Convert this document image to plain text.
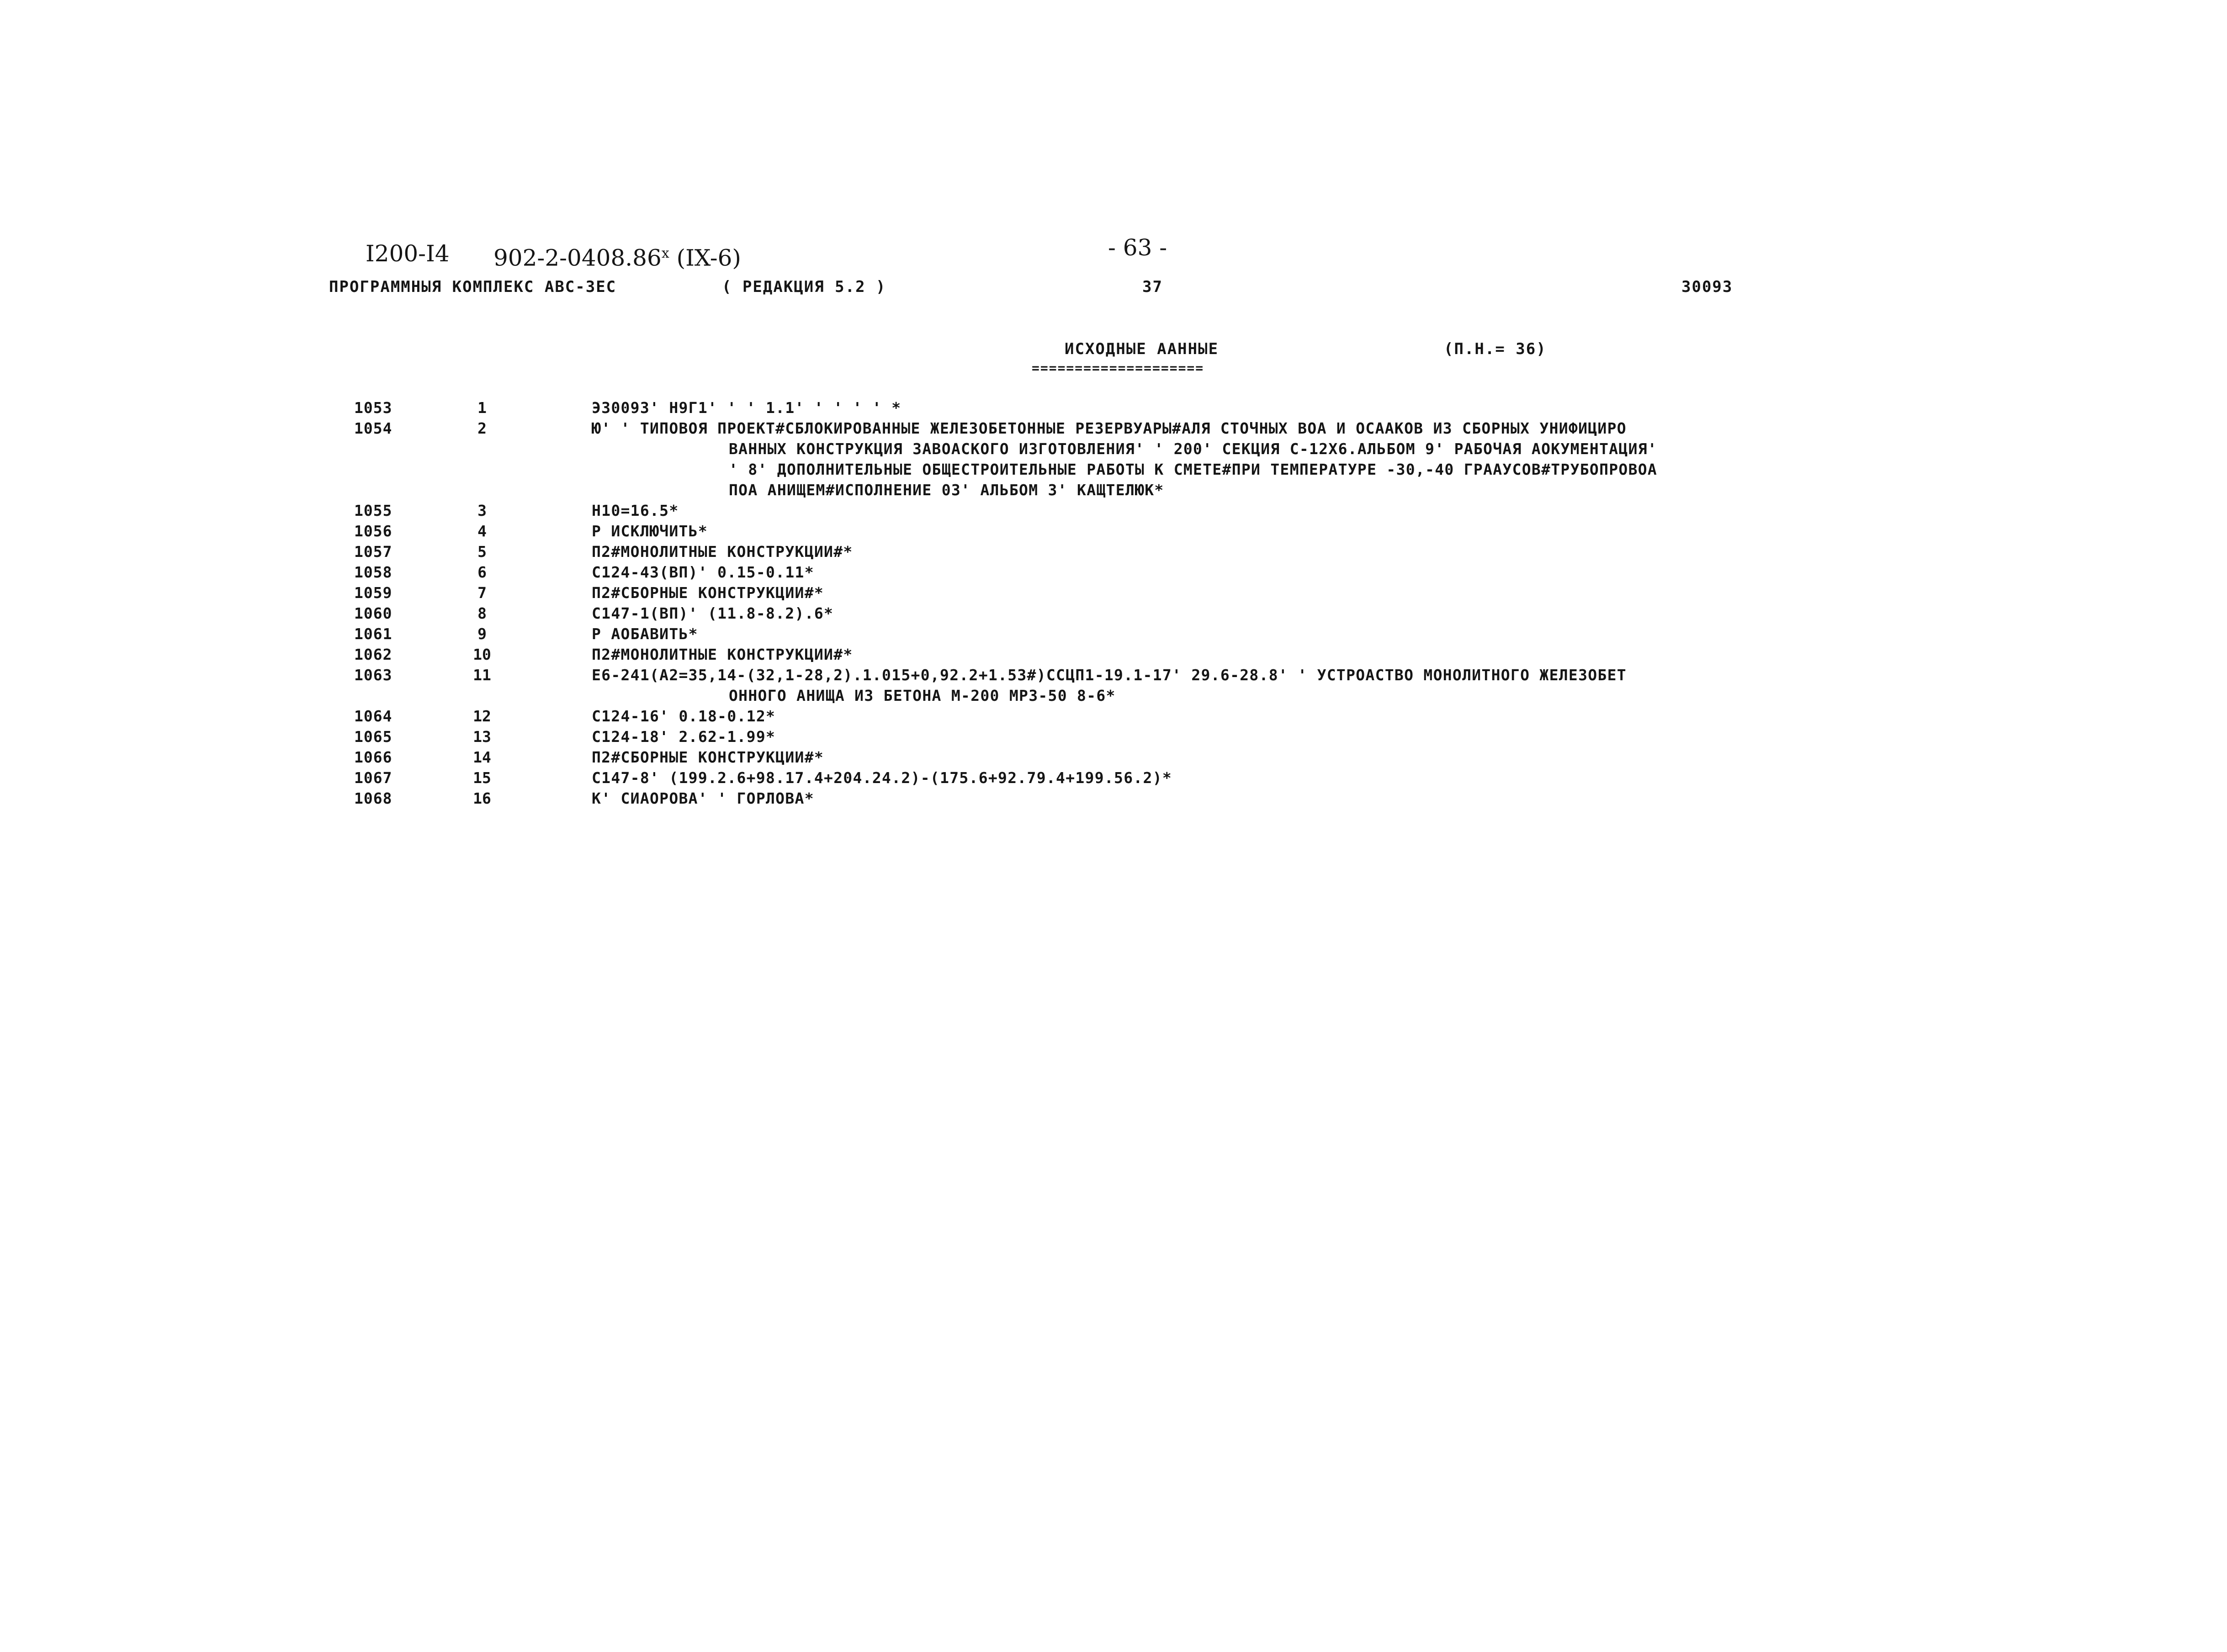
I200-I4 902-2-0408.86$^x$ (IX-6)	- 63 -
ПРОГРАММНЫЯ КОМПЛЕКС АВС-ЗЕС	( РЕДАКЦИЯ 5.2 )	37	30093
ИСХОДНЫЕ ААННЫЕ	(П.Н.= 36)
====================
1053	1	Э30093' Н9Г1' ' ' 1.1' ' ' ' ' *
1054	2	Ю' ' ТИПОВОЯ ПРОЕКТ#СБЛОКИРОВАННЫЕ ЖЕЛЕЗОБЕТОННЫЕ РЕЗЕРВУАРЫ#АЛЯ СТОЧНЫХ ВОА И ОСААКОВ ИЗ СБОРНЫХ УНИФИЦИРО
ВАННЫХ КОНСТРУКЦИЯ ЗАВОАСКОГО ИЗГОТОВЛЕНИЯ' ' 200' СЕКЦИЯ С-12Х6.АЛЬБОМ 9' РАБОЧАЯ АОКУМЕНТАЦИЯ'
' 8' ДОПОЛНИТЕЛЬНЫЕ ОБЩЕСТРОИТЕЛЬНЫЕ РАБОТЫ К СМЕТЕ#ПРИ ТЕМПЕРАТУРЕ -30,-40 ГРААУСОВ#ТРУБОПРОВОА
ПОА АНИЩЕМ#ИСПОЛНЕНИЕ 03' АЛЬБОМ 3' КАЩТЕЛЮК*
1055	3	Н10=16.5*
1056	4	Р ИСКЛЮЧИТЬ*
1057	5	П2#МОНОЛИТНЫЕ КОНСТРУКЦИИ#*
1058	6	С124-43(ВП)' 0.15-0.11*
1059	7	П2#СБОРНЫЕ КОНСТРУКЦИИ#*
1060	8	С147-1(ВП)' (11.8-8.2).6*
1061	9	Р АОБАВИТЬ*
1062	10	П2#МОНОЛИТНЫЕ КОНСТРУКЦИИ#*
1063	11	Е6-241(А2=35,14-(32,1-28,2).1.015+0,92.2+1.53#)ССЦП1-19.1-17' 29.6-28.8' ' УСТРОАСТВО МОНОЛИТНОГО ЖЕЛЕЗОБЕТ
ОННОГО АНИЩА ИЗ БЕТОНА М-200 МРЗ-50 8-6*
1064	12	С124-16' 0.18-0.12*
1065	13	С124-18' 2.62-1.99*
1066	14	П2#СБОРНЫЕ КОНСТРУКЦИИ#*
1067	15	С147-8' (199.2.6+98.17.4+204.24.2)-(175.6+92.79.4+199.56.2)*
1068	16	К' СИАОРОВА' ' ГОРЛОВА*
